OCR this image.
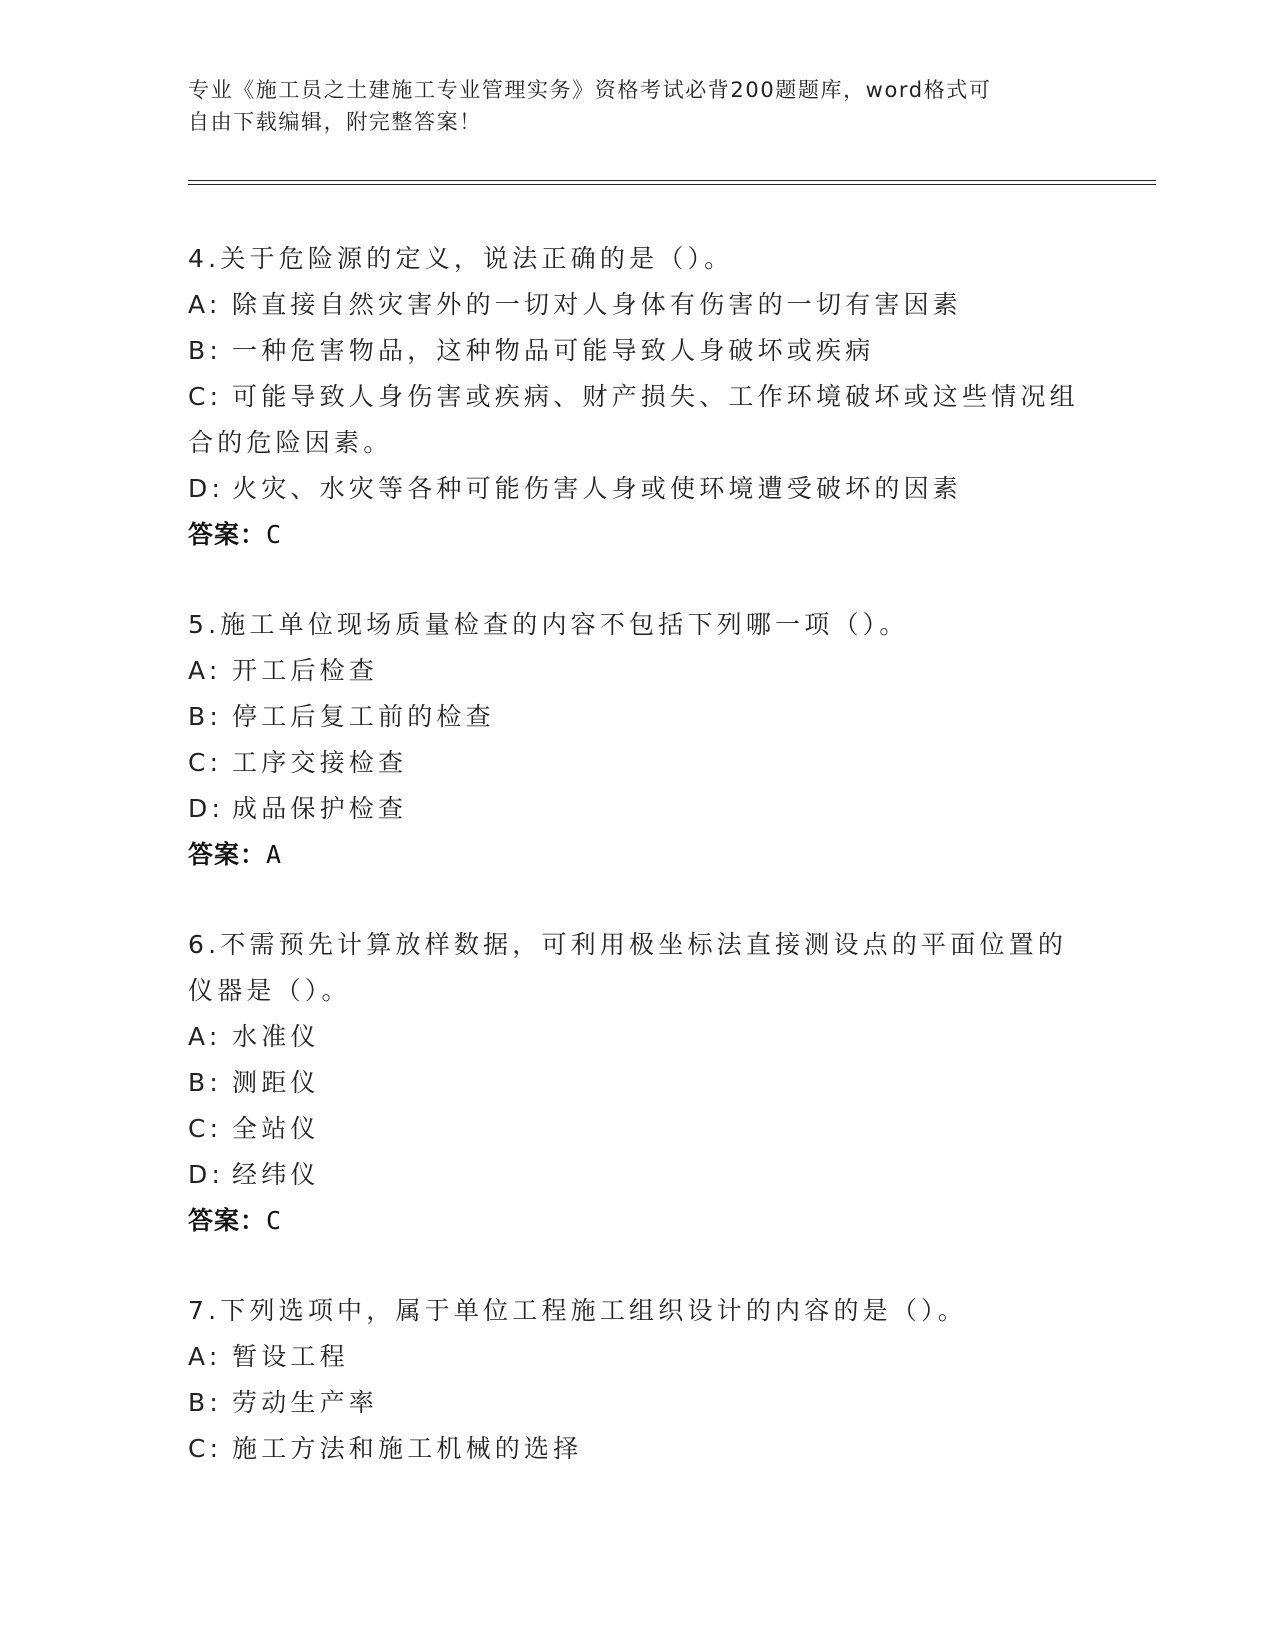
专业《施工员之土建施工专业管理实务》资格考试必背200题题库，word格式可
自由下载编辑，附完整答案！
4.关于危险源的定义，说法正确的是（）。
A: 除直接自然灾害外的一切对人身体有伤害的一切有害因素
B: 一种危害物品，这种物品可能导致人身破坏或疾病
C: 可能导致人身伤害或疾病、财产损失、工作环境破坏或这些情况组
合的危险因素。
D: 火灾、水灾等各种可能伤害人身或使环境遭受破坏的因素
答案：C
5.施工单位现场质量检查的内容不包括下列哪一项（）。
A: 开工后检查
B: 停工后复工前的检查
C: 工序交接检查
D: 成品保护检查
答案：A
6.不需预先计算放样数据，可利用极坐标法直接测设点的平面位置的
仪器是（）。
A: 水准仪
B: 测距仪
C: 全站仪
D: 经纬仪
答案：C
7.下列选项中，属于单位工程施工组织设计的内容的是（）。
A: 暂设工程
B: 劳动生产率
C: 施工方法和施工机械的选择
